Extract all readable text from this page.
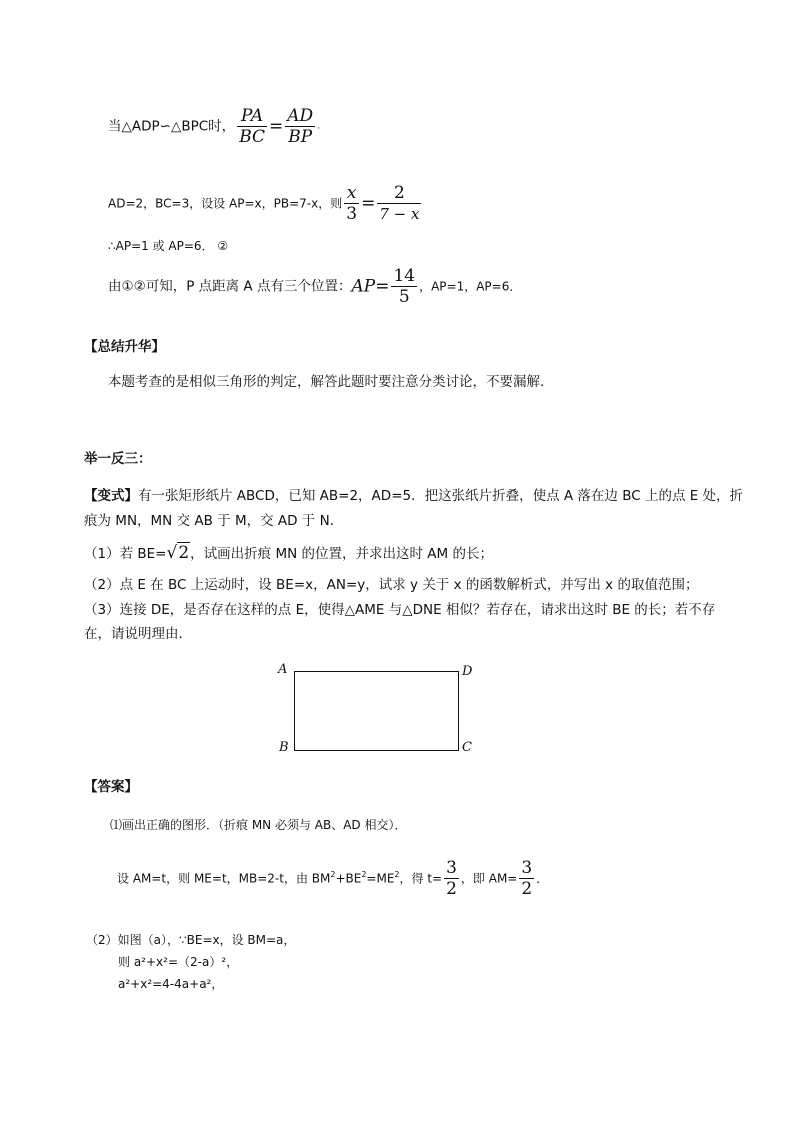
当△ADP∽△BPC时， $\frac{PA}{BC} = \frac{AD}{BP}$ .
AD=2，BC=3，设设 AP=x，PB=7-x，则 $\frac{x}{3} = \frac{2}{7 - x}$
∴AP=1 或 AP=6． ②
由①②可知，P 点距离 A 点有三个位置：$AP= \frac{14}{5}$ ，AP=1，AP=6．
【总结升华】
本题考查的是相似三角形的判定，解答此题时要注意分类讨论，不要漏解．
举一反三：
【变式】有一张矩形纸片 ABCD，已知 AB=2，AD=5．把这张纸片折叠，使点 A 落在边 BC 上的点 E 处，折
痕为 MN，MN 交 AB 于 M，交 AD 于 N．
（1）若 BE=√2，试画出折痕 MN 的位置，并求出这时 AM 的长；
（2）点 E 在 BC 上运动时，设 BE=x，AN=y，试求 y 关于 x 的函数解析式，并写出 x 的取值范围；
（3）连接 DE，是否存在这样的点 E，使得△AME 与△DNE 相似？若存在，请求出这时 BE 的长；若不存
在，请说明理由．
A	D
B	C
【答案】
⑴画出正确的图形．（折痕 MN 必须与 AB、AD 相交）．
设 AM=t，则 ME=t，MB=2-t，由 $BM^2+BE^2=ME^2$，得 $t= \frac{3}{2}$ ，即 $AM= \frac{3}{2}$ ．
（2）如图（a），∵BE=x，设 BM=a，
则 a²+x²=（2-a）²，
a²+x²=4-4a+a²，
